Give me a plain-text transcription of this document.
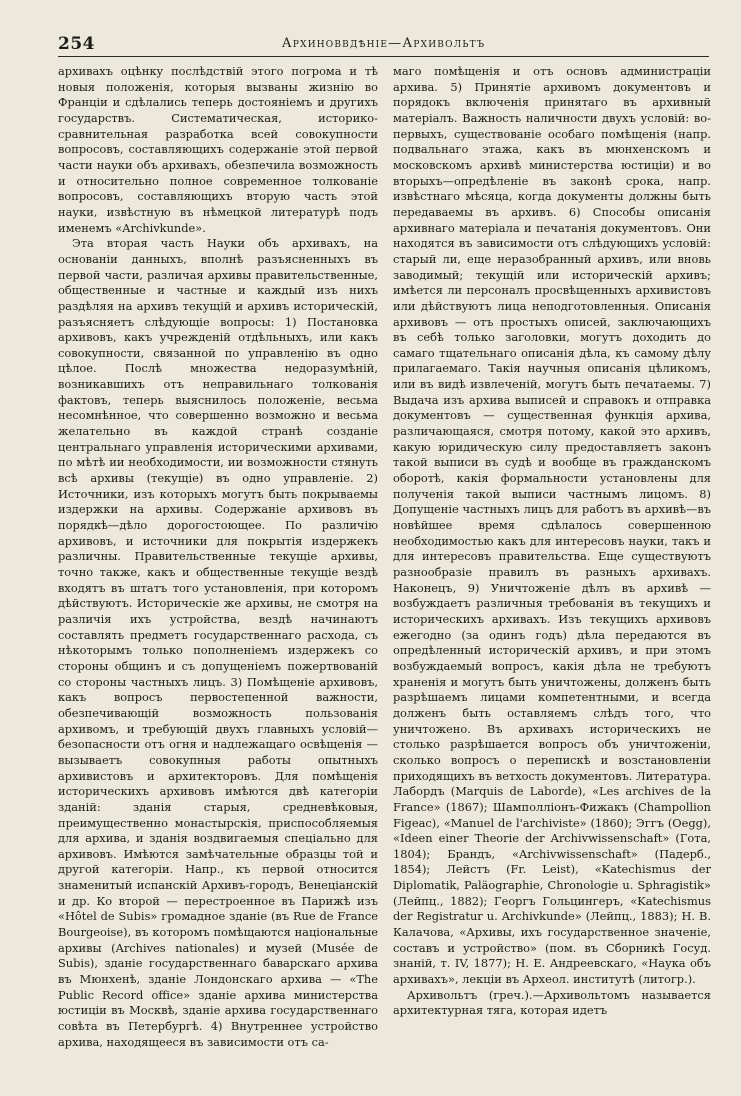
254	Архиноввдѣніе—Архивольтъ

архивахъ оцѣнку послѣдствій этого погрома и тѣ новыя положенія, которыя вызваны жизнію во Франціи и сдѣлались теперь достояніемъ и другихъ государствъ. Систематическая, историко-сравнительная разработка всей совокупности вопросовъ, составляющихъ содержаніе этой первой части науки объ архивахъ, обезпечила возможность и относительно полное современное толкованіе вопросовъ, составляющихъ вторую часть этой науки, извѣстную въ нѣмецкой литературѣ подъ именемъ «Archivkunde».

Эта вторая часть Науки объ архивахъ, на основаніи данныхъ, вполнѣ разъясненныхъ въ первой части, различая архивы правительственные, общественные и частные и каждый изъ нихъ раздѣляя на архивъ текущій и архивъ историческій, разъясняетъ слѣдующіе вопросы: 1) Постановка архивовъ, какъ учрежденій отдѣльныхъ, или какъ совокупности, связанной по управленію въ одно цѣлое. Послѣ множества недоразумѣній, возникавшихъ отъ неправильнаго толкованія фактовъ, теперь выяснилось положеніе, весьма несомнѣнное, что совершенно возможно и весьма желательно въ каждой странѣ созданіе центральнаго управленія историческими архивами, по мѣтѣ ии необходимости, ии возможности стянуть всѣ архивы (текущіе) въ одно управленіе. 2) Источники, изъ которыхъ могутъ быть покрываемы издержки на архивы. Содержаніе архивовъ въ порядкѣ—дѣло дорогостоющее. По различію архивовъ, и источники для покрытія издержекъ различны. Правительственные текущіе архивы, точно также, какъ и общественные текущіе вездѣ входятъ въ штатъ того установленія, при которомъ дѣйствуютъ. Историческіе же архивы, не смотря на различія ихъ устройства, вездѣ начинаютъ составлять предметъ государственнаго расхода, съ нѣкоторымъ только пополненіемъ издержекъ со стороны общинъ и съ допущеніемъ пожертвованій со стороны частныхъ лицъ. 3) Помѣщеніе архивовъ, какъ вопросъ первостепенной важности, обезпечивающій возможность пользованія архивомъ, и требующій двухъ главныхъ условій—безопасности отъ огня и надлежащаго освѣщенія — вызываетъ совокупныя работы опытныхъ архивистовъ и архитекторовъ. Для помѣщенія историческихъ архивовъ имѣются двѣ категоріи зданій: зданія старыя, средневѣковыя, преимущественно монастырскія, приспособляемыя для архива, и зданія воздвигаемыя спеціально для архивовъ. Имѣются замѣчательные образцы той и другой категоріи. Напр., къ первой относится знаменитый испанскій Архивъ-городъ, Венеціанскій и др. Ко второй — перестроенное въ Парижѣ изъ «Hôtel de Subis» громадное зданіе (въ Rue de France Bourgeoise), въ которомъ помѣщаются національные архивы (Archives nationales) и музей (Musée de Subis), зданіе государственнаго баварскаго архива въ Мюнхенѣ, зданіе Лондонскаго архива — «The Public Record office» зданіе архива министерства юстиціи въ Москвѣ, зданіе архива государственнаго совѣта въ Петербургѣ. 4) Внутреннее устройство архива, находящееся въ зависимости отъ са-

маго помѣщенія и отъ основъ администраціи архива. 5) Принятіе архивомъ документовъ и порядокъ включенія принятаго въ архивный матеріалъ. Важность наличности двухъ условій: во-первыхъ, существованіе особаго помѣщенія (напр. подвальнаго этажа, какъ въ мюнхенскомъ и московскомъ архивѣ министерства юстиціи) и во вторыхъ—опредѣленіе въ законѣ срока, напр. извѣстнаго мѣсяца, когда документы должны быть передаваемы въ архивъ. 6) Способы описанія архивнаго матеріала и печатанія документовъ. Они находятся въ зависимости отъ слѣдующихъ условій: старый ли, еще неразобранный архивъ, или вновь заводимый; текущій или историческій архивъ; имѣется ли персоналъ просвѣщенныхъ архивистовъ или дѣйствуютъ лица неподготовленныя. Описанія архивовъ — отъ простыхъ описей, заключающихъ въ себѣ только заголовки, могутъ доходить до самаго тщательнаго описанія дѣла, къ самому дѣлу прилагаемаго. Такія научныя описанія цѣликомъ, или въ видѣ извлеченій, могутъ быть печатаемы. 7) Выдача изъ архива выписей и справокъ и отправка документовъ — существенная функція архива, различающаяся, смотря потому, какой это архивъ, какую юридическую силу предоставляетъ законъ такой выписи въ судѣ и вообще въ гражданскомъ оборотѣ, какія формальности установлены для полученія такой выписи частнымъ лицомъ. 8) Допущеніе частныхъ лицъ для работъ въ архивѣ—въ новѣйшее время сдѣлалось совершенною необходимостью какъ для интересовъ науки, такъ и для интересовъ правительства. Еще существуютъ разнообразіе правилъ въ разныхъ архивахъ. Наконецъ, 9) Уничтоженіе дѣлъ въ архивѣ — возбуждаетъ различныя требованія въ текущихъ и историческихъ архивахъ. Изъ текущихъ архивовъ ежегодно (за одинъ годъ) дѣла передаются въ опредѣленный историческій архивъ, и при этомъ возбуждаемый вопросъ, какія дѣла не требуютъ храненія и могутъ быть уничтожены, долженъ быть разрѣшаемъ лицами компетентными, и всегда долженъ быть оставляемъ слѣдъ того, что уничтожено. Въ архивахъ историческихъ не столько разрѣшается вопросъ объ уничтоженіи, сколько вопросъ о перепискѣ и возстановленіи приходящихъ въ ветхость документовъ. Литература. Лабордъ (Marquis de Laborde), «Les archives de la France» (1867); Шамполліонъ-Фижакъ (Champollion Figeac), «Manuel de l'archiviste» (1860); Эггъ (Oegg), «Ideen einer Theorie der Archivwissenschaft» (Гота, 1804); Брандъ, «Archivwissenschaft» (Падерб., 1854); Лейстъ (Fr. Leist), «Katechismus der Diplomatik, Paläographie, Chronologie u. Sphragistik» (Лейпц., 1882); Георгъ Гольцингеръ, «Katechismus der Registratur u. Archivkunde» (Лейпц., 1883); Н. В. Калачова, «Архивы, ихъ государственное значеніе, составъ и устройство» (пом. въ Сборникѣ Госуд. знаній, т. IV, 1877); Н. Е. Андреевскаго, «Наука объ архивахъ», лекціи въ Археол. институтѣ (литогр.).

Архивольтъ (греч.).—Архивольтомъ называется архитектурная тяга, которая идетъ
